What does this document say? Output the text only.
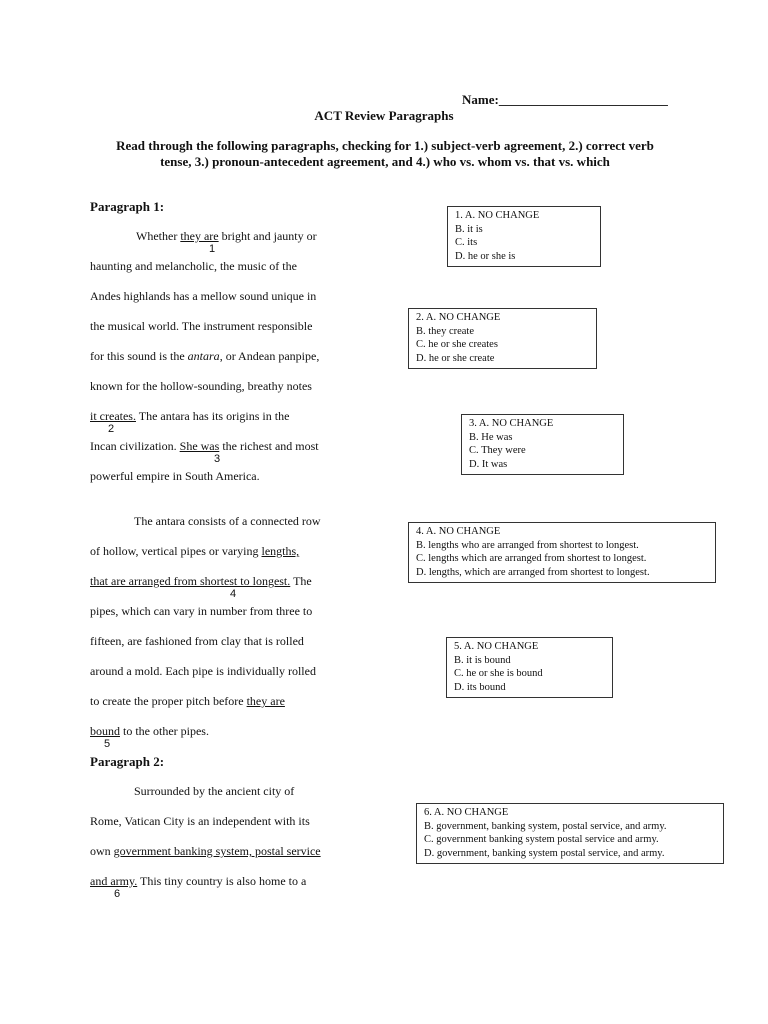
Name:__________________________
ACT Review Paragraphs
Read through the following paragraphs, checking for 1.) subject-verb agreement, 2.) correct verb tense, 3.) pronoun-antecedent agreement, and 4.) who vs. whom vs. that vs. which
Paragraph 1:
Whether they are bright and jaunty or
1
haunting and melancholic, the music of the
Andes highlands has a mellow sound unique in
the musical world. The instrument responsible
for this sound is the antara, or Andean panpipe,
known for the hollow-sounding, breathy notes
it creates. The antara has its origins in the
2
Incan civilization. She was the richest and most
3
powerful empire in South America.
The antara consists of a connected row
of hollow, vertical pipes or varying lengths,
that are arranged from shortest to longest. The
4
pipes, which can vary in number from three to
fifteen, are fashioned from clay that is rolled
around a mold. Each pipe is individually rolled
to create the proper pitch before they are
bound to the other pipes.
5
Paragraph 2:
Surrounded by the ancient city of
Rome, Vatican City is an independent with its
own government banking system, postal service
and army. This tiny country is also home to a
6
1. A. NO CHANGE
B. it is
C. its
D. he or she is
2. A. NO CHANGE
B. they create
C. he or she creates
D. he or she create
3. A. NO CHANGE
B. He was
C. They were
D. It was
4. A. NO CHANGE
B. lengths who are arranged from shortest to longest.
C. lengths which are arranged from shortest to longest.
D. lengths, which are arranged from shortest to longest.
5. A. NO CHANGE
B. it is bound
C. he or she is bound
D. its bound
6. A. NO CHANGE
B. government, banking system, postal service, and army.
C. government banking system postal service and army.
D. government, banking system postal service, and army.
